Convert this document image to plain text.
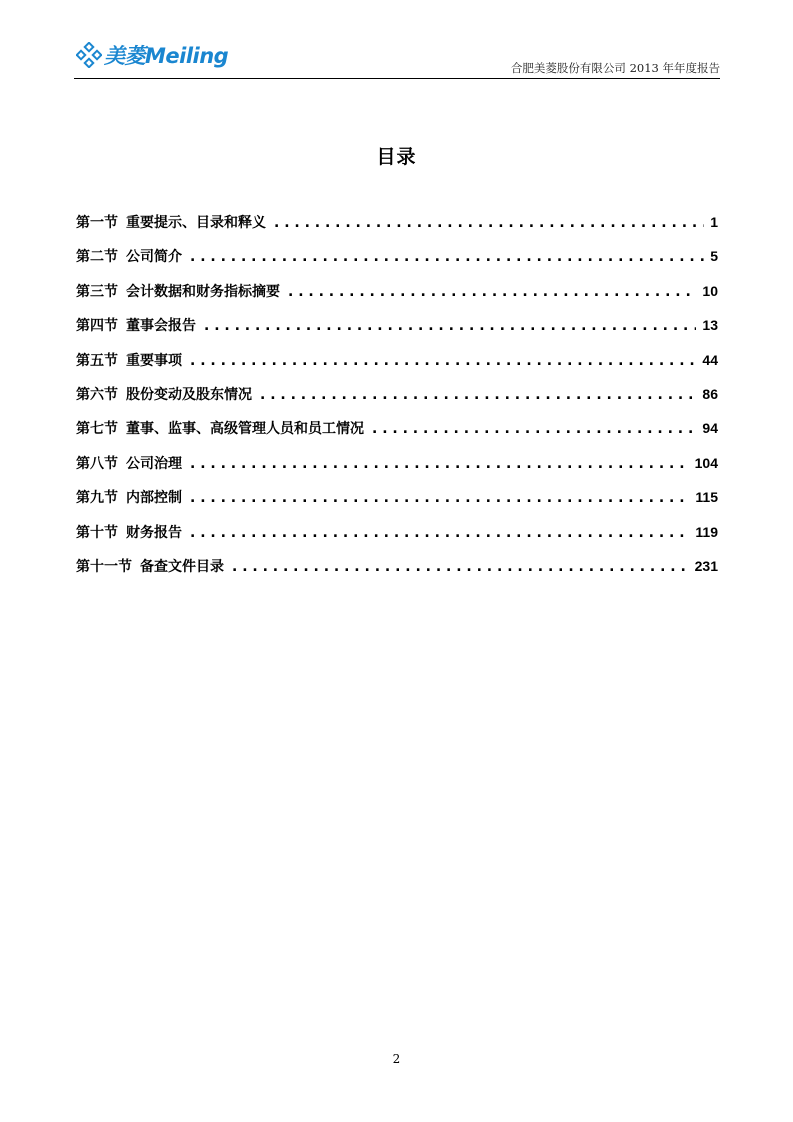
美菱Meiling	合肥美菱股份有限公司 2013 年年度报告
目录
第一节 重要提示、目录和释义 . . .	1
第二节 公司简介 . . .	5
第三节 会计数据和财务指标摘要 . . .	10
第四节 董事会报告 . . .	13
第五节 重要事项 . . .	44
第六节 股份变动及股东情况 . . .	86
第七节 董事、监事、高级管理人员和员工情况 . . .	94
第八节 公司治理 . . .	104
第九节 内部控制 . . .	115
第十节 财务报告 . . .	119
第十一节 备查文件目录 . . .	231
2
